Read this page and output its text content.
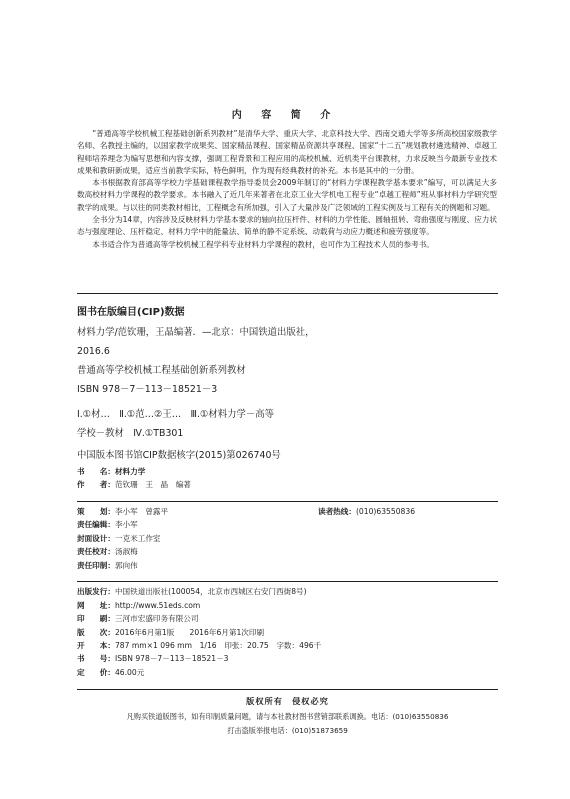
内 容 简 介

“普通高等学校机械工程基础创新系列教材”是清华大学、重庆大学、北京科技大学、西南交通大学等多所高校国家级教学名师、名教授主编的，以国家教学成果奖、国家精品课程、国家精品资源共享课程、国家“十二五”规划教材遴选精神、卓越工程师培养理念为编写思想和内容支撑，强调工程背景和工程应用的高校机械、近机类平台课教材，力求反映当今最新专业技术成果和教研新成果，适应当前教学实际，特色鲜明，作为现有经典教材的补充。本书是其中的一分册。

本书根据教育部高等学校力学基础课程教学指导委员会2009年制订的“材料力学课程教学基本要求”编写，可以满足大多数高校材料力学课程的教学要求。本书融入了近几年来著者在北京工业大学机电工程专业“卓越工程师”班从事材料力学研究型教学的成果。与以往的同类教材相比，工程概念有所加强，引入了大量涉及广泛领域的工程实例及与工程有关的例题和习题。

全书分为14章，内容涉及反映材料力学基本要求的轴向拉压杆件、材料的力学性能、圆轴扭转、弯曲强度与刚度、应力状态与强度理论、压杆稳定、材料力学中的能量法、简单的静不定系统、动载荷与动应力概述和疲劳强度等。

本书适合作为普通高等学校机械工程学科专业材料力学课程的教材，也可作为工程技术人员的参考书。

图书在版编目(CIP)数据
材料力学/范钦珊，王晶编著．—北京：中国铁道出版社，
2016.6
普通高等学校机械工程基础创新系列教材
ISBN 978－7－113－18521－3
Ⅰ.①材…　Ⅱ.①范…②王…　Ⅲ.①材料力学－高等
学校－教材　Ⅳ.①TB301
中国版本图书馆CIP数据核字(2015)第026740号
书　　名：材料力学
作　　者：范钦珊　王　晶　编著
策　　划：李小军　曾露平	读者热线：(010)63550836
责任编辑：李小军
封面设计：一克米工作室
责任校对：汤淑梅
责任印制：郭向伟
出版发行：中国铁道出版社(100054，北京市西城区右安门西街8号)
网　　址：http://www.51eds.com
印　　刷：三河市宏盛印务有限公司
版　　次：2016年6月第1版　　2016年6月第1次印刷
开　　本：787 mm×1 096 mm　1/16　印张：20.75　字数：496千
书　　号：ISBN 978－7－113－18521－3
定　　价：46.00元
版权所有　侵权必究
凡购买铁道版图书，如有印制质量问题，请与本社教材图书营销部联系调换。电话：(010)63550836
打击盗版举报电话：(010)51873659
